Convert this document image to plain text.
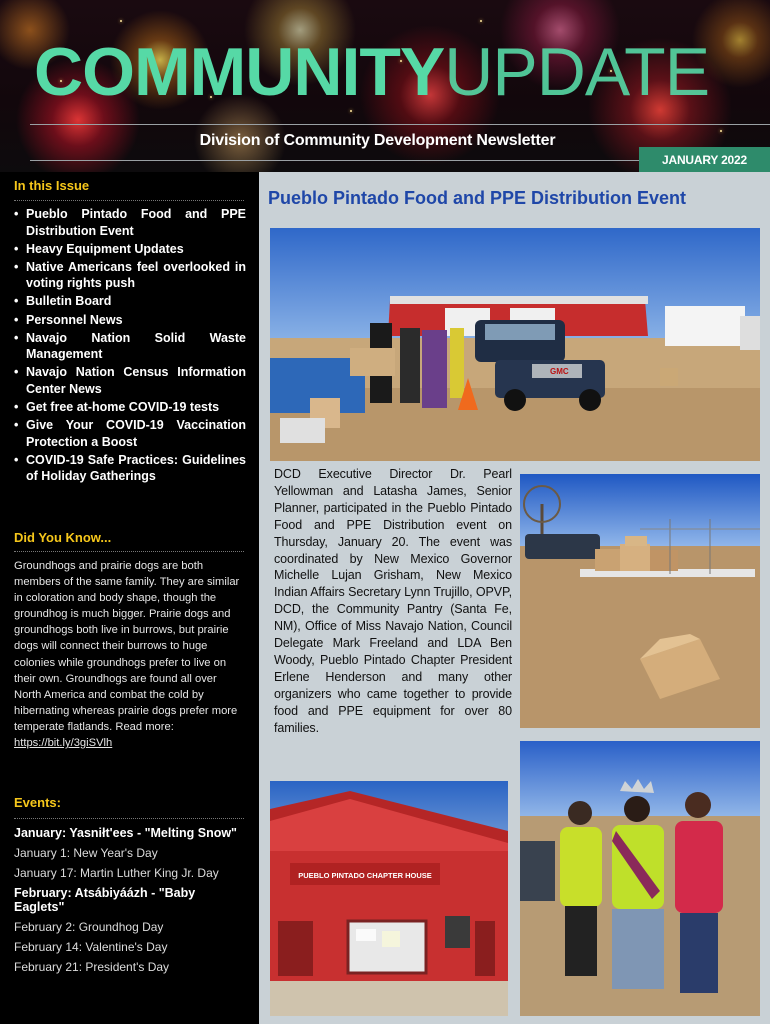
COMMUNITYUPDATE
Division of Community Development Newsletter
JANUARY 2022
In this Issue
• Pueblo Pintado Food and PPE Distribution Event
• Heavy Equipment Updates
• Native Americans feel overlooked in voting rights push
• Bulletin Board
• Personnel News
• Navajo Nation Solid Waste Management
• Navajo Nation Census Information Center News
• Get free at-home COVID-19 tests
• Give Your COVID-19 Vaccination Protection a Boost
• COVID-19 Safe Practices: Guidelines of Holiday Gatherings
Did You Know...
Groundhogs and prairie dogs are both members of the same family. They are similar in coloration and body shape, though the groundhog is much bigger. Prairie dogs and groundhogs both live in burrows, but prairie dogs will connect their burrows to huge colonies while groundhogs prefer to live on their own. Groundhogs are found all over North America and combat the cold by hibernating whereas prairie dogs prefer more temperate flatlands. Read more: https://bit.ly/3giSVlh
Events:
January: Yasniłt'ees - "Melting Snow"
January 1: New Year's Day
January 17: Martin Luther King Jr. Day
February: Atsábiyáázh - "Baby Eaglets"
February 2: Groundhog Day
February 14: Valentine's Day
February 21: President's Day
Pueblo Pintado Food and PPE Distribution Event
GMC
DCD Executive Director Dr. Pearl Yellowman and Latasha James, Senior Planner, participated in the Pueblo Pintado Food and PPE Distribution event on Thursday, January 20. The event was coordinated by New Mexico Governor Michelle Lujan Grisham, New Mexico Indian Affairs Secretary Lynn Trujillo, OPVP, DCD, the Community Pantry (Santa Fe, NM), Office of Miss Navajo Nation, Council Delegate Mark Freeland and LDA Ben Woody, Pueblo Pintado Chapter President Erlene Henderson and many other organizers who came together to provide food and PPE equipment for over 80 families.
PUEBLO PINTADO CHAPTER HOUSE
